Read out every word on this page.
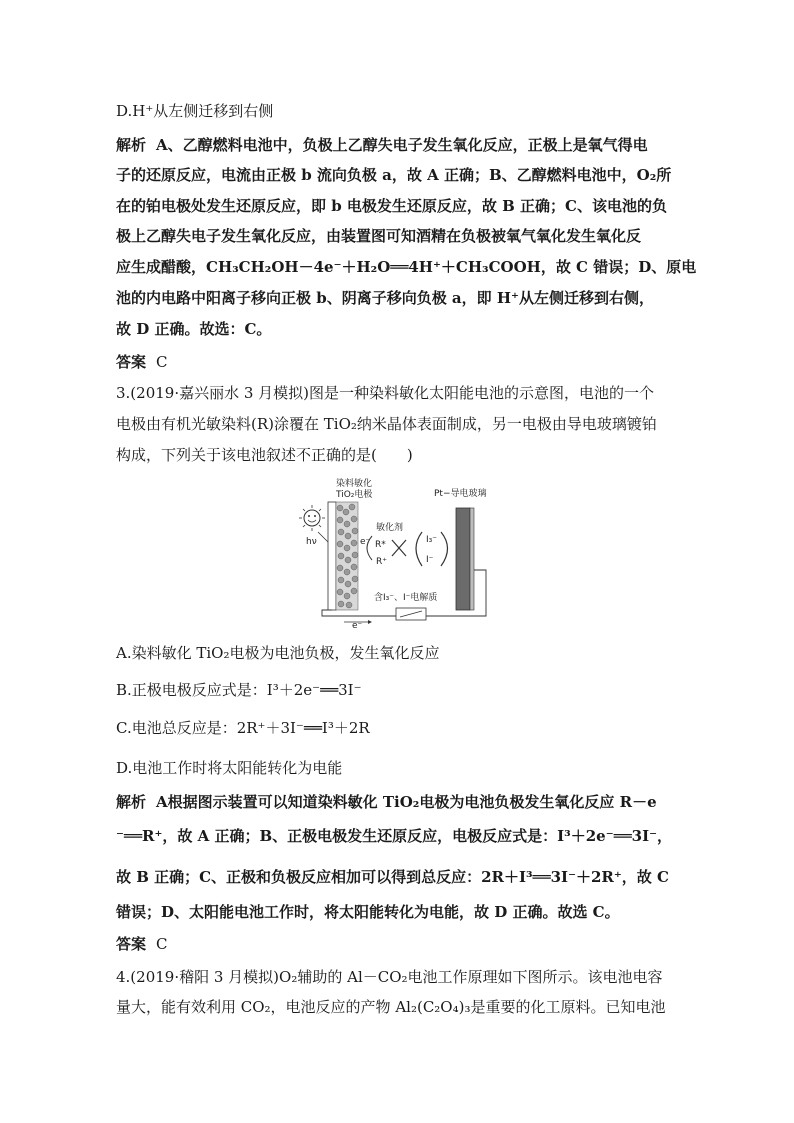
D.H⁺从左侧迁移到右侧
解析 A、乙醇燃料电池中，负极上乙醇失电子发生氧化反应，正极上是氧气得电
子的还原反应，电流由正极 b 流向负极 a，故 A 正确；B、乙醇燃料电池中，O₂所
在的铂电极处发生还原反应，即 b 电极发生还原反应，故 B 正确；C、该电池的负
极上乙醇失电子发生氧化反应，由装置图可知酒精在负极被氧气氧化发生氧化反
应生成醋酸，CH₃CH₂OH－4e⁻＋H₂O══4H⁺＋CH₃COOH，故 C 错误；D、原电
池的内电路中阳离子移向正极 b、阴离子移向负极 a，即 H⁺从左侧迁移到右侧，
故 D 正确。故选：C。
答案 C
3.(2019·嘉兴丽水 3 月模拟)图是一种染料敏化太阳能电池的示意图，电池的一个
电极由有机光敏染料(R)涂覆在 TiO₂纳米晶体表面制成，另一电极由导电玻璃镀铂
构成，下列关于该电池叙述不正确的是(　　)
hν
染料敏化
TiO₂电极	Pt−导电玻璃
敏化剂
R*
R⁺
e⁻	I₃⁻
I⁻
含I₃⁻、I⁻电解质
e⁻
A.染料敏化 TiO₂电极为电池负极，发生氧化反应
B.正极电极反应式是：I³＋2e⁻══3I⁻
C.电池总反应是：2R⁺＋3I⁻══I³＋2R
D.电池工作时将太阳能转化为电能
解析 A根据图示装置可以知道染料敏化 TiO₂电极为电池负极发生氧化反应 R－e
⁻══R⁺，故 A 正确；B、正极电极发生还原反应，电极反应式是：I³＋2e⁻══3I⁻，
故 B 正确；C、正极和负极反应相加可以得到总反应：2R＋I³══3I⁻＋2R⁺，故 C
错误；D、太阳能电池工作时，将太阳能转化为电能，故 D 正确。故选 C。
答案 C
4.(2019·稽阳 3 月模拟)O₂辅助的 Al－CO₂电池工作原理如下图所示。该电池电容
量大，能有效利用 CO₂，电池反应的产物 Al₂(C₂O₄)₃是重要的化工原料。已知电池
